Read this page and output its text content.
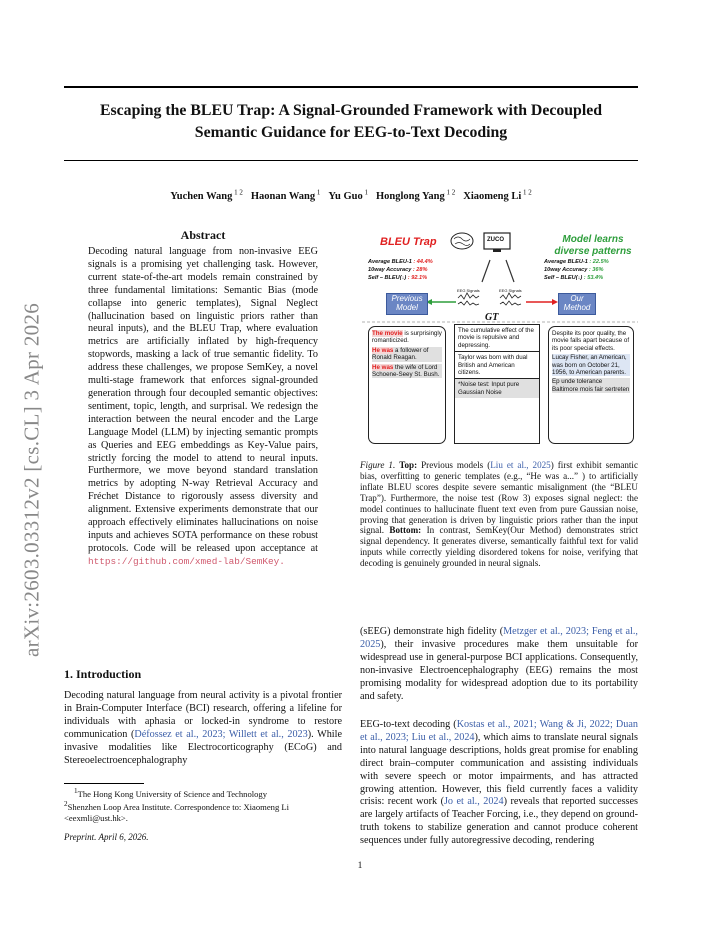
arXiv:2603.03312v2 [cs.CL] 3 Apr 2026
Escaping the BLEU Trap: A Signal-Grounded Framework with Decoupled
Semantic Guidance for EEG-to-Text Decoding
Yuchen Wang $^{1 2}$ Haonan Wang $^1$ Yu Guo $^1$ Honglong Yang $^{1 2}$ Xiaomeng Li $^{1 2}$
Abstract
Decoding natural language from non-invasive EEG signals is a promising yet challenging task. However, current state-of-the-art models remain constrained by three fundamental limitations: Semantic Bias (mode collapse into generic templates), Signal Neglect (hallucination based on linguistic priors rather than neural inputs), and the BLEU Trap, where evaluation metrics are artificially inflated by high-frequency stopwords, masking a lack of true semantic fidelity. To address these challenges, we propose SemKey, a novel multi-stage framework that enforces signal-grounded generation through four decoupled semantic objectives: sentiment, topic, length, and surprisal. We redesign the interaction between the neural encoder and the Large Language Model (LLM) by injecting semantic prompts as Queries and EEG embeddings as Key-Value pairs, strictly forcing the model to attend to neural inputs. Furthermore, we move beyond standard translation metrics by adopting N-way Retrieval Accuracy and Fréchet Distance to rigorously assess diversity and alignment. Extensive experiments demonstrate that our approach effectively eliminates hallucinations on noise inputs and achieves SOTA performance on these robust protocols. Code will be released upon acceptance at https://github.com/xmed-lab/SemKey.
1. Introduction
Decoding natural language from neural activity is a pivotal frontier in Brain-Computer Interface (BCI) research, offering a lifeline for individuals with aphasia or locked-in syndrome to restore communication (Défossez et al., 2023; Willett et al., 2023). While invasive modalities like Electrocorticography (ECoG) and Stereoelectroencephalography
$^1$The Hong Kong University of Science and Technology
$^2$Shenzhen Loop Area Institute. Correspondence to: Xiaomeng Li <eexmli@ust.hk>.
Preprint. April 6, 2026.
BLEU Trap	Model learns
diverse patterns
ZUCO
Average BLEU-1 : 44.4%
10way Accuracy : 28%
Self – BLEU(↓) : 92.1%
Average BLEU-1 : 22.5%
10way Accuracy : 36%
Self – BLEU(↓) : 53.4%
Previous Model
Our Method
EEG Signals	EEG Signals
GT
The movie is surprisingly romanticized.
He was a follower of Ronald Reagan.
He was the wife of Lord Schoene-Seey St. Bush.
The cumulative effect of the movie is repulsive and depressing.
Taylor was born with dual British and American citizens.
*Noise test: Input pure Gaussian Noise
Despite its poor quality, the movie falls apart because of its poor special effects.
Lucay Fisher, an American, was born on October 21, 1956, to American parents.
Ep unde tolerance Baltimore mois fair sertreten
Figure 1. Top: Previous models (Liu et al., 2025) first exhibit semantic bias, overfitting to generic templates (e.g., “He was a...” ) to artificially inflate BLEU scores despite severe semantic misalignment (the “BLEU Trap”). Furthermore, the noise test (Row 3) exposes signal neglect: the model continues to hallucinate fluent text even from pure Gaussian noise, proving that generation is driven by linguistic priors rather than the input signal. Bottom: In contrast, SemKey(Our Method) demonstrates strict signal dependency. It generates diverse, semantically faithful text for valid inputs while correctly yielding disordered tokens for noise, verifying that decoding is genuinely grounded in neural signals.
(sEEG) demonstrate high fidelity (Metzger et al., 2023; Feng et al., 2025), their invasive procedures make them unsuitable for widespread use in general-purpose BCI applications. Consequently, non-invasive Electroencephalography (EEG) remains the most promising modality for widespread adoption due to its portability and safety.
EEG-to-text decoding (Kostas et al., 2021; Wang & Ji, 2022; Duan et al., 2023; Liu et al., 2024), which aims to translate neural signals into natural language descriptions, holds great promise for enabling direct brain–computer communication and assisting individuals with severe speech or motor impairments, and has attracted growing attention. However, this field currently faces a validity crisis: recent work (Jo et al., 2024) reveals that reported successes are largely artifacts of Teacher Forcing, i.e., they depend on ground-truth tokens to stabilize generation and cannot produce coherent sequences under fully autoregressive decoding, rendering
1
